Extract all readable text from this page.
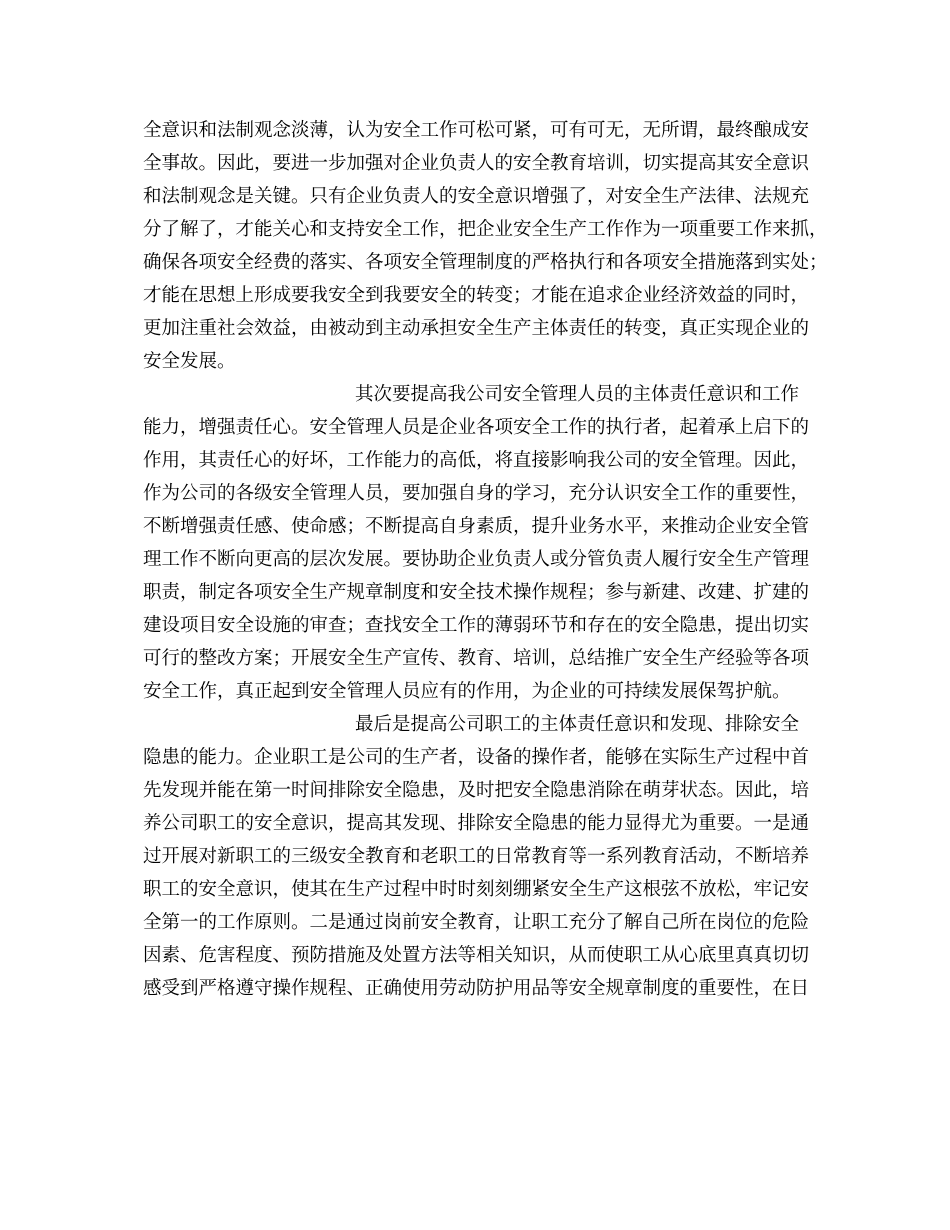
全意识和法制观念淡薄，认为安全工作可松可紧，可有可无，无所谓，最终酿成安
全事故。因此，要进一步加强对企业负责人的安全教育培训，切实提高其安全意识
和法制观念是关键。只有企业负责人的安全意识增强了，对安全生产法律、法规充
分了解了，才能关心和支持安全工作，把企业安全生产工作作为一项重要工作来抓，
确保各项安全经费的落实、各项安全管理制度的严格执行和各项安全措施落到实处；
才能在思想上形成要我安全到我要安全的转变；才能在追求企业经济效益的同时，
更加注重社会效益，由被动到主动承担安全生产主体责任的转变，真正实现企业的
安全发展。
其次要提高我公司安全管理人员的主体责任意识和工作
能力，增强责任心。安全管理人员是企业各项安全工作的执行者，起着承上启下的
作用，其责任心的好坏，工作能力的高低，将直接影响我公司的安全管理。因此，
作为公司的各级安全管理人员，要加强自身的学习，充分认识安全工作的重要性，
不断增强责任感、使命感；不断提高自身素质，提升业务水平，来推动企业安全管
理工作不断向更高的层次发展。要协助企业负责人或分管负责人履行安全生产管理
职责，制定各项安全生产规章制度和安全技术操作规程；参与新建、改建、扩建的
建设项目安全设施的审查；查找安全工作的薄弱环节和存在的安全隐患，提出切实
可行的整改方案；开展安全生产宣传、教育、培训，总结推广安全生产经验等各项
安全工作，真正起到安全管理人员应有的作用，为企业的可持续发展保驾护航。
最后是提高公司职工的主体责任意识和发现、排除安全
隐患的能力。企业职工是公司的生产者，设备的操作者，能够在实际生产过程中首
先发现并能在第一时间排除安全隐患，及时把安全隐患消除在萌芽状态。因此，培
养公司职工的安全意识，提高其发现、排除安全隐患的能力显得尤为重要。一是通
过开展对新职工的三级安全教育和老职工的日常教育等一系列教育活动，不断培养
职工的安全意识，使其在生产过程中时时刻刻绷紧安全生产这根弦不放松，牢记安
全第一的工作原则。二是通过岗前安全教育，让职工充分了解自己所在岗位的危险
因素、危害程度、预防措施及处置方法等相关知识，从而使职工从心底里真真切切
感受到严格遵守操作规程、正确使用劳动防护用品等安全规章制度的重要性，在日
